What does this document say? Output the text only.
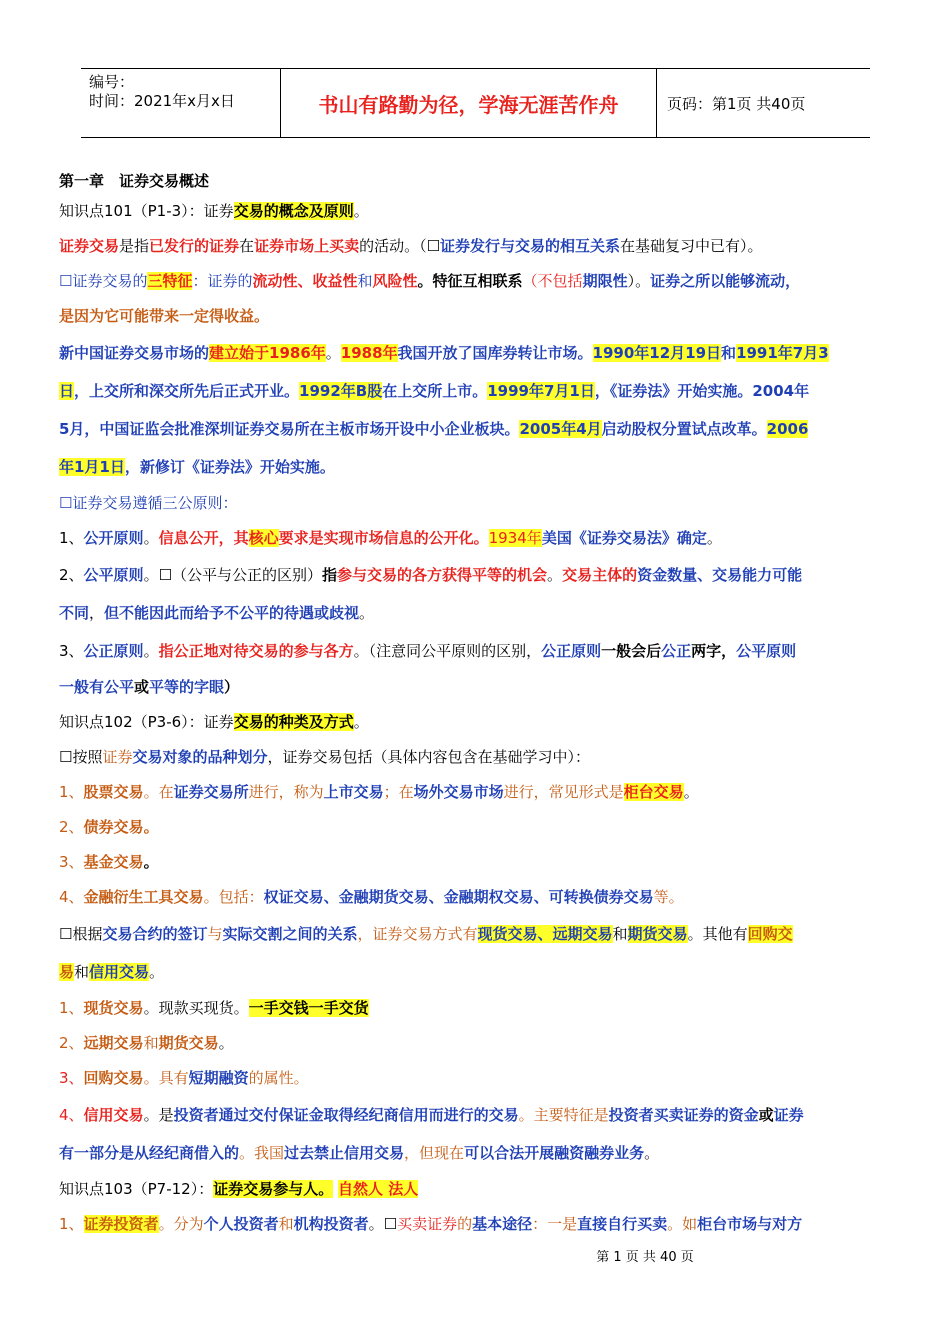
编号：
时间：2021年x月x日	书山有路勤为径，学海无涯苦作舟	页码：第1页 共40页
第一章　证券交易概述
知识点101（P1-3）：证券交易的概念及原则。
证券交易是指已发行的证券在证券市场上买卖的活动。（☐证券发行与交易的相互关系在基础复习中已有）。
☐证券交易的三特征：证券的流动性、收益性和风险性。特征互相联系（不包括期限性）。证券之所以能够流动，
是因为它可能带来一定得收益。
新中国证券交易市场的建立始于1986年。1988年我国开放了国库券转让市场。1990年12月19日和1991年7月3
日，上交所和深交所先后正式开业。1992年B股在上交所上市。1999年7月1日，《证券法》开始实施。2004年
5月，中国证监会批准深圳证券交易所在主板市场开设中小企业板块。2005年4月启动股权分置试点改革。2006
年1月1日，新修订《证券法》开始实施。
☐证券交易遵循三公原则：
1、公开原则。信息公开，其核心要求是实现市场信息的公开化。1934年美国《证券交易法》确定。
2、公平原则。☐（公平与公正的区别）指参与交易的各方获得平等的机会。交易主体的资金数量、交易能力可能
不同，但不能因此而给予不公平的待遇或歧视。
3、公正原则。指公正地对待交易的参与各方。（注意同公平原则的区别，公正原则一般会后公正两字，公平原则
一般有公平或平等的字眼）
知识点102（P3-6）：证券交易的种类及方式。
☐按照证券交易对象的品种划分，证券交易包括（具体内容包含在基础学习中）：
1、股票交易。在证券交易所进行，称为上市交易；在场外交易市场进行，常见形式是柜台交易。
2、债券交易。
3、基金交易。
4、金融衍生工具交易。包括：权证交易、金融期货交易、金融期权交易、可转换债券交易等。
☐根据交易合约的签订与实际交割之间的关系，证券交易方式有现货交易、远期交易和期货交易。其他有回购交
易和信用交易。
1、现货交易。现款买现货。一手交钱一手交货
2、远期交易和期货交易。
3、回购交易。具有短期融资的属性。
4、信用交易。是投资者通过交付保证金取得经纪商信用而进行的交易。主要特征是投资者买卖证券的资金或证券
有一部分是从经纪商借入的。我国过去禁止信用交易，但现在可以合法开展融资融券业务。
知识点103（P7-12）：证券交易参与人。 自然人 法人
1、证券投资者。分为个人投资者和机构投资者。☐买卖证券的基本途径：一是直接自行买卖。如柜台市场与对方
第 1 页 共 40 页
